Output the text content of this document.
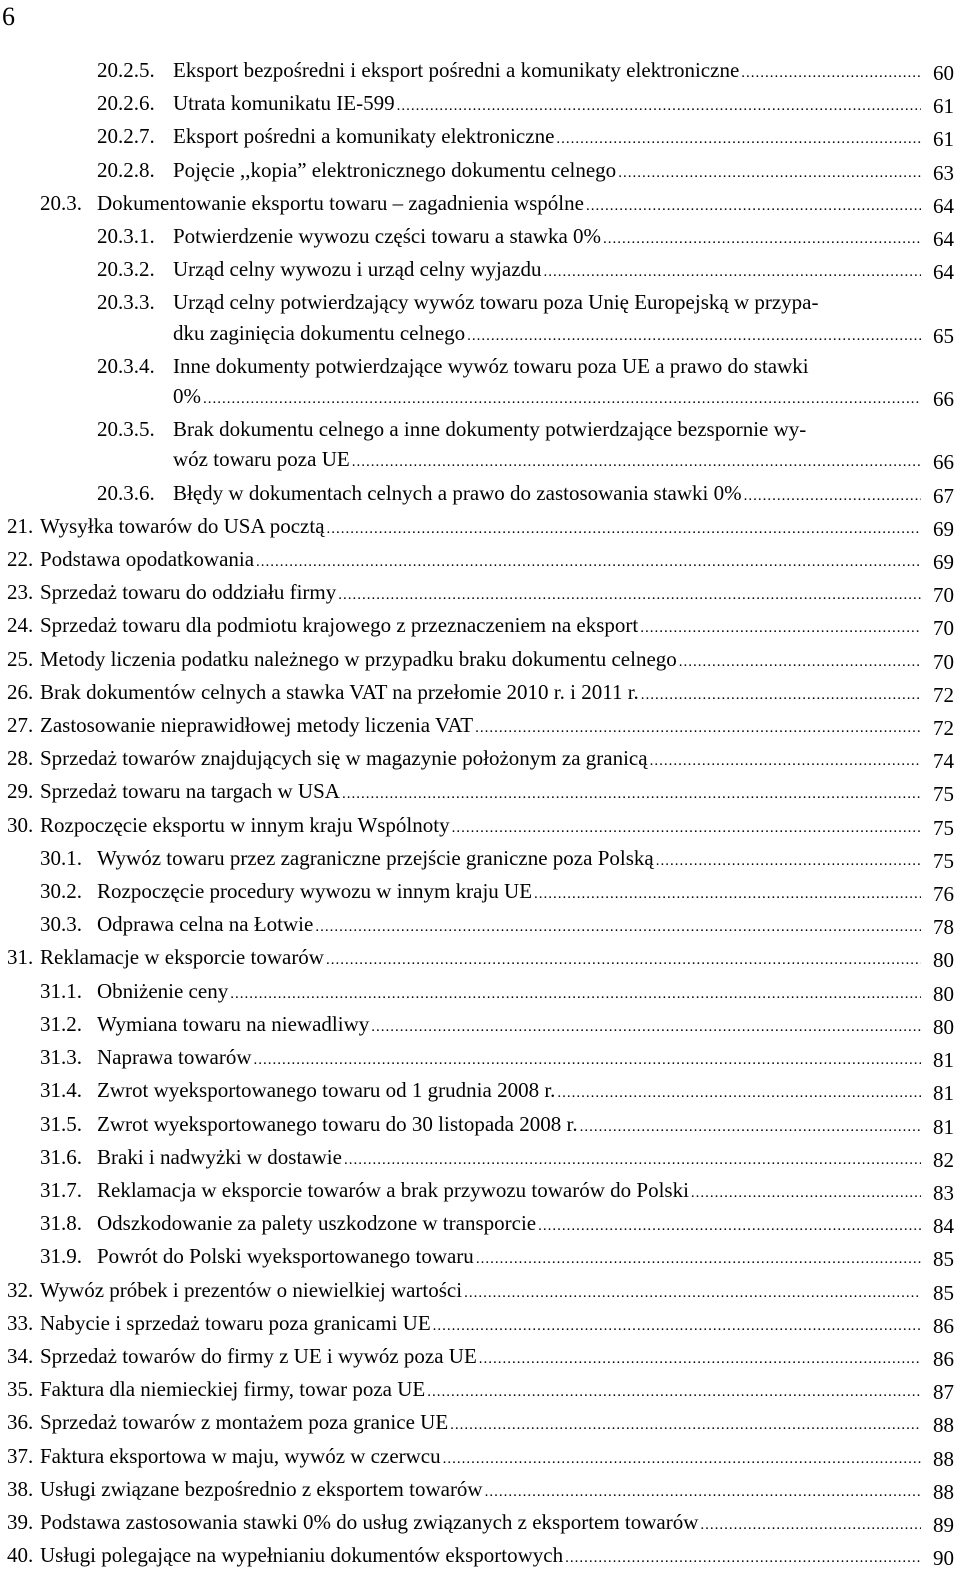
6
20.2.5. Eksport bezpośredni i eksport pośredni a komunikaty elektroniczne .....	60
20.2.6. Utrata komunikatu IE-599 .....	61
20.2.7. Eksport pośredni a komunikaty elektroniczne .....	61
20.2.8. Pojęcie ,,kopia” elektronicznego dokumentu celnego .....	63
20.3. Dokumentowanie eksportu towaru – zagadnienia wspólne .....	64
20.3.1. Potwierdzenie wywozu części towaru a stawka 0% .....	64
20.3.2. Urząd celny wywozu i urząd celny wyjazdu .....	64
20.3.3. Urząd celny potwierdzający wywóz towaru poza Unię Europejską w przypa-
dku zaginięcia dokumentu celnego .....	65
20.3.4. Inne dokumenty potwierdzające wywóz towaru poza UE a prawo do stawki
0% .....	66
20.3.5. Brak dokumentu celnego a inne dokumenty potwierdzające bezspornie wy-
wóz towaru poza UE .....	66
20.3.6. Błędy w dokumentach celnych a prawo do zastosowania stawki 0% .....	67
21. Wysyłka towarów do USA pocztą .....	69
22. Podstawa opodatkowania .....	69
23. Sprzedaż towaru do oddziału firmy .....	70
24. Sprzedaż towaru dla podmiotu krajowego z przeznaczeniem na eksport .....	70
25. Metody liczenia podatku należnego w przypadku braku dokumentu celnego .....	70
26. Brak dokumentów celnych a stawka VAT na przełomie 2010 r. i 2011 r. .....	72
27. Zastosowanie nieprawidłowej metody liczenia VAT .....	72
28. Sprzedaż towarów znajdujących się w magazynie położonym za granicą .....	74
29. Sprzedaż towaru na targach w USA .....	75
30. Rozpoczęcie eksportu w innym kraju Wspólnoty .....	75
30.1. Wywóz towaru przez zagraniczne przejście graniczne poza Polską .....	75
30.2. Rozpoczęcie procedury wywozu w innym kraju UE .....	76
30.3. Odprawa celna na Łotwie .....	78
31. Reklamacje w eksporcie towarów .....	80
31.1. Obniżenie ceny .....	80
31.2. Wymiana towaru na niewadliwy .....	80
31.3. Naprawa towarów .....	81
31.4. Zwrot wyeksportowanego towaru od 1 grudnia 2008 r. .....	81
31.5. Zwrot wyeksportowanego towaru do 30 listopada 2008 r. .....	81
31.6. Braki i nadwyżki w dostawie .....	82
31.7. Reklamacja w eksporcie towarów a brak przywozu towarów do Polski .....	83
31.8. Odszkodowanie za palety uszkodzone w transporcie .....	84
31.9. Powrót do Polski wyeksportowanego towaru .....	85
32. Wywóz próbek i prezentów o niewielkiej wartości .....	85
33. Nabycie i sprzedaż towaru poza granicami UE .....	86
34. Sprzedaż towarów do firmy z UE i wywóz poza UE .....	86
35. Faktura dla niemieckiej firmy, towar poza UE .....	87
36. Sprzedaż towarów z montażem poza granice UE .....	88
37. Faktura eksportowa w maju, wywóz w czerwcu .....	88
38. Usługi związane bezpośrednio z eksportem towarów .....	88
39. Podstawa zastosowania stawki 0% do usług związanych z eksportem towarów .....	89
40. Usługi polegające na wypełnianiu dokumentów eksportowych .....	90
